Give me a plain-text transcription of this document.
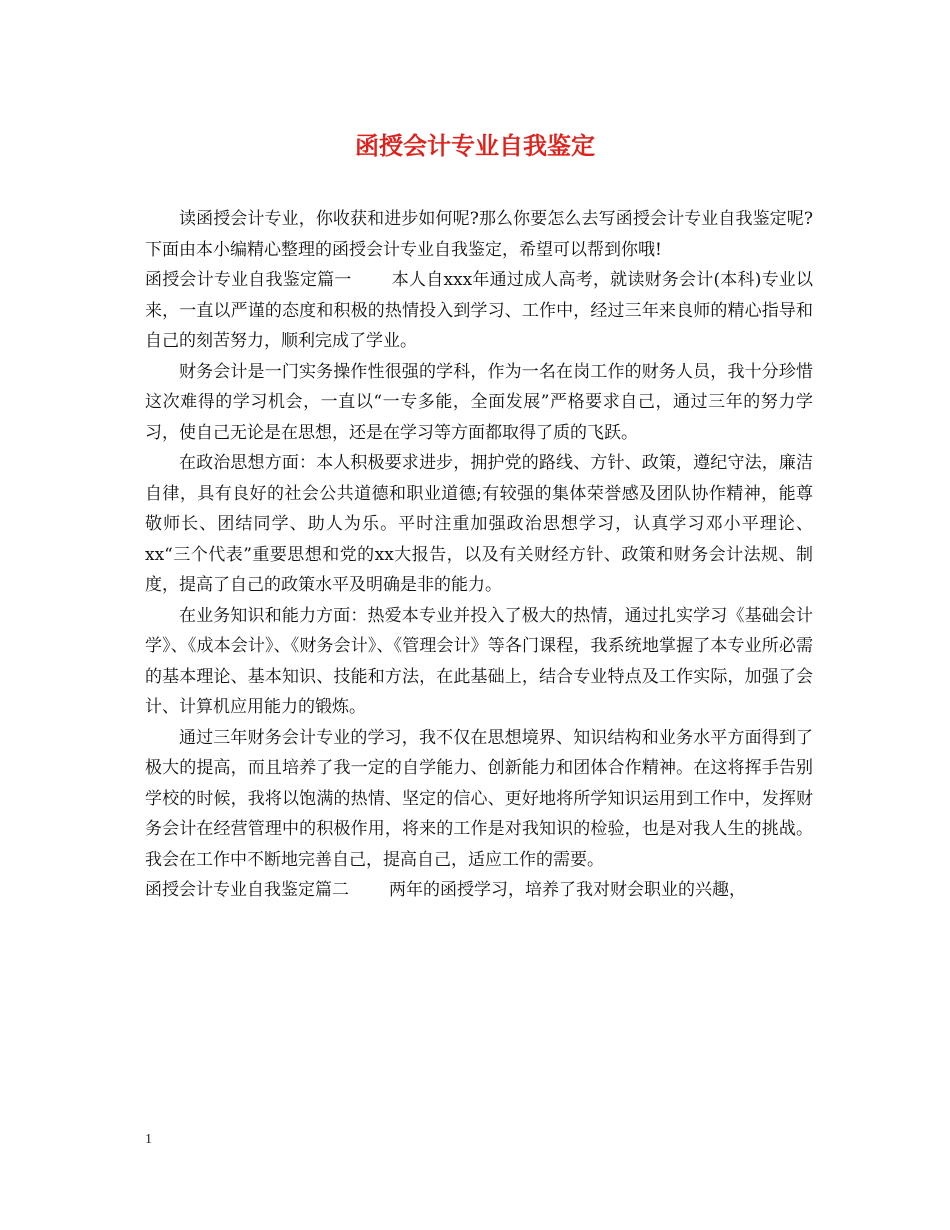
函授会计专业自我鉴定

读函授会计专业，你收获和进步如何呢?那么你要怎么去写函授会计专业自我鉴定呢?下面由本小编精心整理的函授会计专业自我鉴定，希望可以帮到你哦!

函授会计专业自我鉴定篇一 本人自xxx年通过成人高考，就读财务会计(本科)专业以来，一直以严谨的态度和积极的热情投入到学习、工作中，经过三年来良师的精心指导和自己的刻苦努力，顺利完成了学业。

财务会计是一门实务操作性很强的学科，作为一名在岗工作的财务人员，我十分珍惜这次难得的学习机会，一直以“一专多能，全面发展”严格要求自己，通过三年的努力学习，使自己无论是在思想，还是在学习等方面都取得了质的飞跃。

在政治思想方面：本人积极要求进步，拥护党的路线、方针、政策，遵纪守法，廉洁自律，具有良好的社会公共道德和职业道德;有较强的集体荣誉感及团队协作精神，能尊敬师长、团结同学、助人为乐。平时注重加强政治思想学习，认真学习邓小平理论、xx“三个代表”重要思想和党的xx大报告，以及有关财经方针、政策和财务会计法规、制度，提高了自己的政策水平及明确是非的能力。

在业务知识和能力方面：热爱本专业并投入了极大的热情，通过扎实学习《基础会计学》、《成本会计》、《财务会计》、《管理会计》等各门课程，我系统地掌握了本专业所必需的基本理论、基本知识、技能和方法，在此基础上，结合专业特点及工作实际，加强了会计、计算机应用能力的锻炼。

通过三年财务会计专业的学习，我不仅在思想境界、知识结构和业务水平方面得到了极大的提高，而且培养了我一定的自学能力、创新能力和团体合作精神。在这将挥手告别学校的时候，我将以饱满的热情、坚定的信心、更好地将所学知识运用到工作中，发挥财务会计在经营管理中的积极作用，将来的工作是对我知识的检验，也是对我人生的挑战。我会在工作中不断地完善自己，提高自己，适应工作的需要。

函授会计专业自我鉴定篇二 两年的函授学习，培养了我对财会职业的兴趣，

1
